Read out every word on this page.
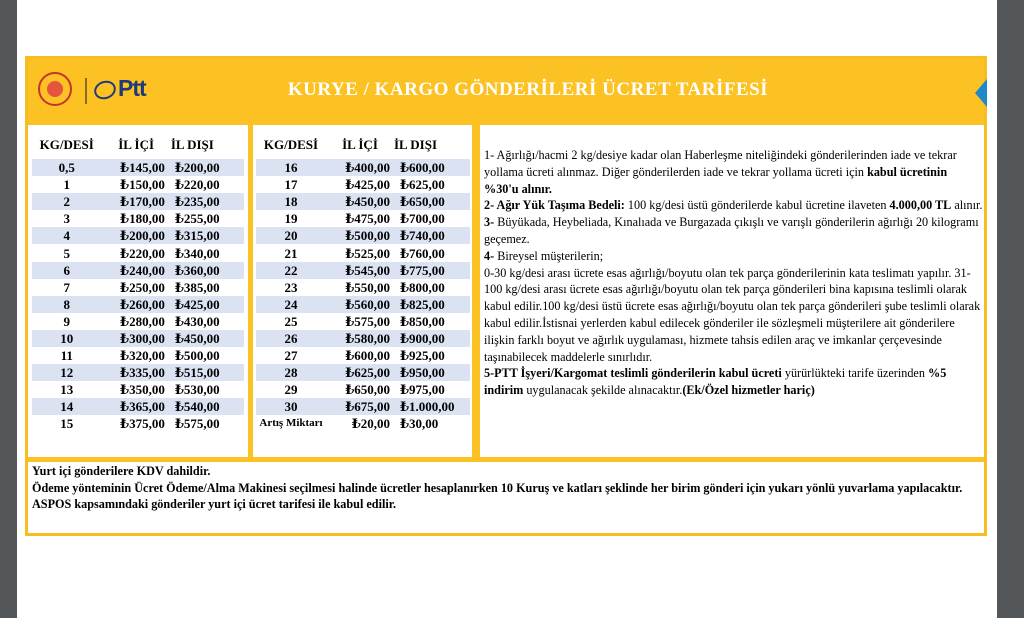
Ptt	KURYE / KARGO GÖNDERİLERİ ÜCRET TARİFESİ
KG/DESİ	İL İÇİ	İL DIŞI
0,5	₺145,00	₺200,00
1	₺150,00	₺220,00
2	₺170,00	₺235,00
3	₺180,00	₺255,00
4	₺200,00	₺315,00
5	₺220,00	₺340,00
6	₺240,00	₺360,00
7	₺250,00	₺385,00
8	₺260,00	₺425,00
9	₺280,00	₺430,00
10	₺300,00	₺450,00
11	₺320,00	₺500,00
12	₺335,00	₺515,00
13	₺350,00	₺530,00
14	₺365,00	₺540,00
15	₺375,00	₺575,00
KG/DESİ	İL İÇİ	İL DIŞI
16	₺400,00	₺600,00
17	₺425,00	₺625,00
18	₺450,00	₺650,00
19	₺475,00	₺700,00
20	₺500,00	₺740,00
21	₺525,00	₺760,00
22	₺545,00	₺775,00
23	₺550,00	₺800,00
24	₺560,00	₺825,00
25	₺575,00	₺850,00
26	₺580,00	₺900,00
27	₺600,00	₺925,00
28	₺625,00	₺950,00
29	₺650,00	₺975,00
30	₺675,00	₺1.000,00
Artış Miktarı	₺20,00	₺30,00

1- Ağırlığı/hacmi 2 kg/desiye kadar olan Haberleşme niteliğindeki gönderilerinden iade ve tekrar yollama ücreti alınmaz. Diğer gönderilerden iade ve tekrar yollama ücreti için kabul ücretinin %30'u alınır.

2- Ağır Yük Taşıma Bedeli: 100 kg/desi üstü gönderilerde kabul ücretine ilaveten 4.000,00 TL alınır.

3- Büyükada, Heybeliada, Kınalıada ve Burgazada çıkışlı ve varışlı gönderilerin ağırlığı 20 kilogramı geçemez.

4- Bireysel müşterilerin;

0-30 kg/desi arası ücrete esas ağırlığı/boyutu olan tek parça gönderilerinin kata teslimatı yapılır. 31-100 kg/desi arası ücrete esas ağırlığı/boyutu olan tek parça gönderileri bina kapısına teslimli olarak kabul edilir.100 kg/desi üstü ücrete esas ağırlığı/boyutu olan tek parça gönderileri şube teslimli olarak kabul edilir.İstisnai yerlerden kabul edilecek gönderiler ile sözleşmeli müşterilere ait gönderilere ilişkin farklı boyut ve ağırlık uygulaması, hizmete tahsis edilen araç ve imkanlar çerçevesinde taşınabilecek maddelerle sınırlıdır.

5-PTT İşyeri/Kargomat teslimli gönderilerin kabul ücreti yürürlükteki tarife üzerinden %5 indirim uygulanacak şekilde alınacaktır.(Ek/Özel hizmetler hariç)

Yurt içi gönderilere KDV dahildir.

Ödeme yönteminin Ücret Ödeme/Alma Makinesi seçilmesi halinde ücretler hesaplanırken 10 Kuruş ve katları şeklinde her birim gönderi için yukarı yönlü yuvarlama yapılacaktır.

ASPOS kapsamındaki gönderiler yurt içi ücret tarifesi ile kabul edilir.
